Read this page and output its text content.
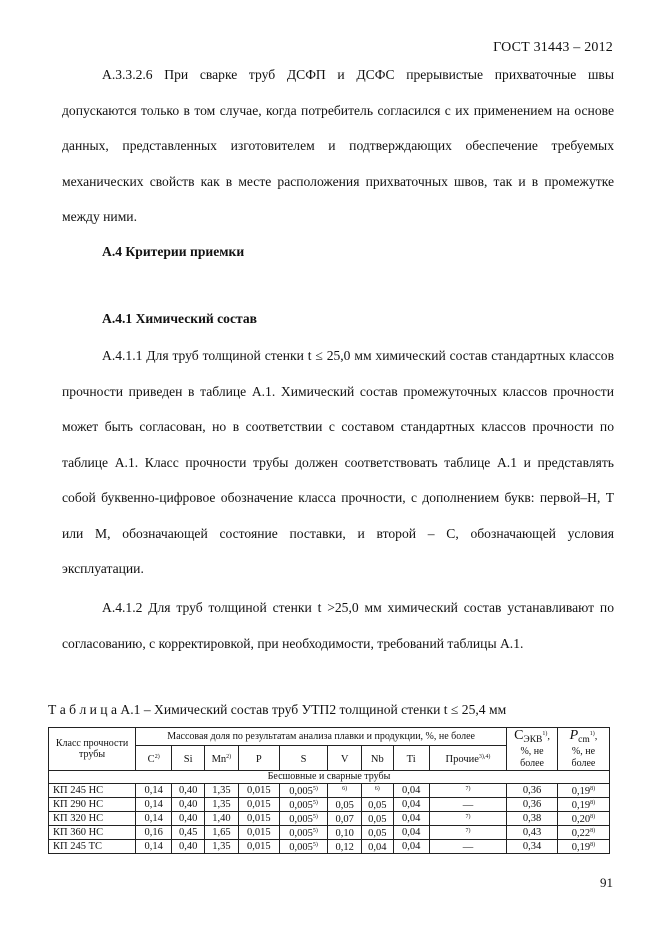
ГОСТ 31443 – 2012
А.3.3.2.6 При сварке труб ДСФП и ДСФС прерывистые прихваточные швы допускаются только в том случае, когда потребитель согласился с их применением на основе данных, представленных изготовителем и подтверждающих обеспечение требуемых механических свойств как в месте расположения прихваточных швов, так и в промежутке между ними.
А.4 Критерии приемки
А.4.1 Химический состав
А.4.1.1 Для труб толщиной стенки t ≤ 25,0 мм химический состав стандартных классов прочности приведен в таблице А.1. Химический состав промежуточных классов прочности может быть согласован, но в соответствии с составом стандартных классов прочности по таблице А.1. Класс прочности трубы должен соответствовать таблице А.1 и представлять собой буквенно-цифровое обозначение класса прочности, с дополнением букв: первой–Н, Т или М, обозначающей состояние поставки, и второй – С, обозначающей условия эксплуатации.
А.4.1.2 Для труб толщиной стенки t >25,0 мм химический состав устанавливают по согласованию, с корректировкой, при необходимости, требований таблицы А.1.
Т а б л и ц а А.1 – Химический состав труб УТП2 толщиной стенки t ≤ 25,4 мм
Класс прочности трубы	Массовая доля по результатам анализа плавки и продукции, %, не более									$С_{ЭКВ}^{1)}$,
%, не более	$P_{cm}^{1)}$,
%, не более
	C$^{2)}$	Si	Mn$^{2)}$	P	S	V	Nb	Ti	Прочие$^{3),4)}$
Бесшовные и сварные трубы											
КП 245 НС	0,14	0,40	1,35	0,015	0,005$^{5)}$	$^{6)}$	$^{6)}$	0,04	$^{7)}$	0,36	0,19$^{8)}$
КП 290 НС	0,14	0,40	1,35	0,015	0,005$^{5)}$	0,05	0,05	0,04	—	0,36	0,19$^{8)}$
КП 320 НС	0,14	0,40	1,40	0,015	0,005$^{5)}$	0,07	0,05	0,04	$^{7)}$	0,38	0,20$^{8)}$
КП 360 НС	0,16	0,45	1,65	0,015	0,005$^{5)}$	0,10	0,05	0,04	$^{7)}$	0,43	0,22$^{8)}$
КП 245 ТС	0,14	0,40	1,35	0,015	0,005$^{5)}$	0,12	0,04	0,04	—	0,34	0,19$^{8)}$
91
